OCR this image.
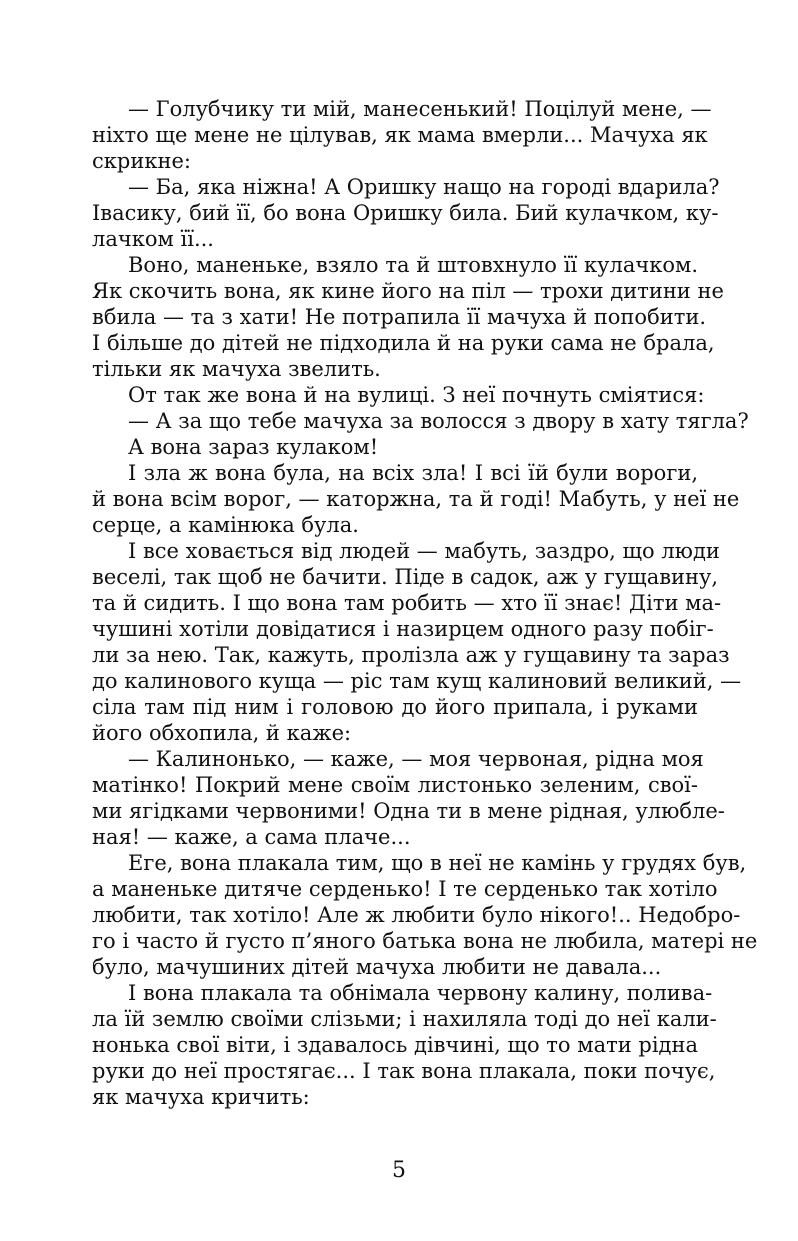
— Голубчику ти мій, манесенький! Поцілуй мене, —
ніхто ще мене не цілував, як мама вмерли... Мачуха як
скрикне:
— Ба, яка ніжна! А Оришку нащо на городі вдарила?
Івасику, бий її, бо вона Оришку била. Бий кулачком, ку-
лачком її...
Воно, маненьке, взяло та й штовхнуло її кулачком.
Як скочить вона, як кине його на піл — трохи дитини не
вбила — та з хати! Не потрапила її мачуха й попобити.
І більше до дітей не підходила й на руки сама не брала,
тільки як мачуха звелить.
От так же вона й на вулиці. З неї почнуть сміятися:
— А за що тебе мачуха за волосся з двору в хату тягла?
А вона зараз кулаком!
І зла ж вона була, на всіх зла! І всі їй були вороги,
й вона всім ворог, — каторжна, та й годі! Мабуть, у неї не
серце, а камінюка була.
І все ховається від людей — мабуть, заздро, що люди
веселі, так щоб не бачити. Піде в садок, аж у гущавину,
та й сидить. І що вона там робить — хто її знає! Діти ма-
чушині хотіли довідатися і назирцем одного разу побіг-
ли за нею. Так, кажуть, пролізла аж у гущавину та зараз
до калинового куща — ріс там кущ калиновий великий, —
сіла там під ним і головою до його припала, і руками
його обхопила, й каже:
— Калинонько, — каже, — моя червоная, рідна моя
матінко! Покрий мене своїм листонько зеленим, свої-
ми ягідками червоними! Одна ти в мене рідная, улюбле-
ная! — каже, а сама плаче...
Еге, вона плакала тим, що в неї не камінь у грудях був,
а маненьке дитяче серденько! І те серденько так хотіло
любити, так хотіло! Але ж любити було нікого!.. Недобро-
го і часто й густо п’яного батька вона не любила, матері не
було, мачушиних дітей мачуха любити не давала...
І вона плакала та обнімала червону калину, полива-
ла їй землю своїми слізьми; і нахиляла тоді до неї кали-
нонька свої віти, і здавалось дівчині, що то мати рідна
руки до неї простягає... І так вона плакала, поки почує,
як мачуха кричить:
5
